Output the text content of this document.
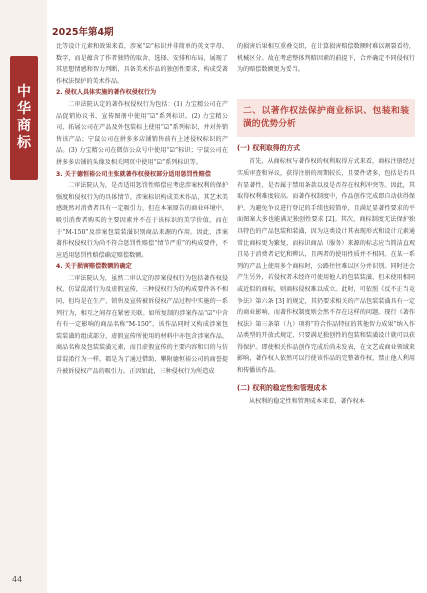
中
华
商
标
44
2025年第4期

比等设计元素和效果来看，涉案“☑”标识并非简单的英文字母、数字，而是蕴含了作者独特的取舍、选择、安排和布局，展现了其思想情感和智力判断，具备美术作品的独创性要求，构成受著作权法保护的美术作品。

2. 侵权人具体实施的著作权侵权行为

二审法院认定的著作权侵权行为包括：(1) 力宝精公司在产品促销协议书、宣传图册中使用“☑”系列标识。(2) 力宝精公司、拓展公司在产品及外包装标上使用“☑”系列标识，并对外销售该产品；宁鼠公司在拼多多店铺销售前有上述侵权标识的产品。(3) 力宝精公司在微信公众号中使用“☑”标识；宁鼠公司在拼多多店铺的头像及相关网页中使用“☑”系列标识等。

3. 关于德恒裕公司主张就著作权侵权部分适用惩罚性赔偿

二审法院认为，是否适用惩罚性赔偿应考虑涉案权利的保护强度和侵权行为的具体情节。涉案标识构成美术作品，其艺术美感既然对消费者具有一定吸引力，但在本案原告的商业环境中，吸引消费者购买的主要因素并不在于该标识的美学价值，而在于“M-150”及涉案包装装潢识别商品来源的作用。因此，涉案著作权侵权行为尚不符合惩罚性赔偿“情节严重”的构成要件，不应适用惩罚性赔偿确定赔偿数额。

4. 关于损害赔偿数额的确定

二审法院认为，虽然二审认定的涉案侵权行为包括著作权侵权、仿冒混淆行为及虚假宣传，三种侵权行为的构成要件各不相同，但均是在生产、销售及宣传被诉侵权产品过程中实施的一系列行为，相互之间存在紧密关联。如所复制的涉案作品“☑”中含有有一定影响的商品名称“M-150”，该作品同时又构成涉案包装装潢的组成部分，虚假宣传所使用的材料中亦包含涉案作品、商品名称及包装装潢元素，而且虚假宣传的主要内容和目的与仿冒混淆行为一样，都是为了通过借助、攀附德恒裕公司的商誉提升被诉侵权产品的吸引力。正因如此，三种侵权行为所造成

的损害后果相互重叠交织，在计算损害赔偿数额时难以割裂看待，机械区分。故在考虑整体判赔因素的前提下，合并确定不同侵权行为的赔偿数额更为妥当。

二、以著作权法保护商业标识、包装和装潢的优势分析

(一) 权利取得的方式

首先，从商标权与著作权的权利取得方式来看，商标注册经过实质审查和异议，获得注册的周期较长，且要件诸多，包括是否具有显著性、是否属于禁用条款以及是否存在权利冲突等。因此，其取得权利难度较高。而著作权制度中，作品创作完成即自动获得保护，为避免争议进行登记的手续也较简单，且满足显著性要求的平面图案大多也能满足独创性要求 [2]。其次，商标制度无法保护独具特色的产品包装和装潢，因为这类设计其表现形式和设计元素通常比商标更为繁复，而标识商品（服务）来源的标志应当简洁直观且易于消费者记忆和辨认，且两者的使用性质并不相同。在某一系列的产品上使用多个商标时，公路往往难以区分并识别。同时还会产生另外，若侵权者未经许可使用他人的包装装潢，但未使用相同或近似的商标，则商标侵权难以成立。此时，可依照《反不正当竞争法》第六条 [3] 的规定，其仍要求相关的产品包装装潢具有一定的商业影响，而著作权制度则会然不存在这样的问题。现行《著作权法》第三条第（九）项将“符合作品特征的其他智力成果”纳入作品类型的开放式规定，只要满足独创性的包装和装潢设计就可以获得保护。即使相关作品创作完成后尚未发表，在文艺或商业领域来影响，著作权人依然可以行使该作品的完整著作权，禁止他人利用和传播该作品。

(二) 权利的稳定性和管理成本

从权利的稳定性和管理成本来看，著作权本
